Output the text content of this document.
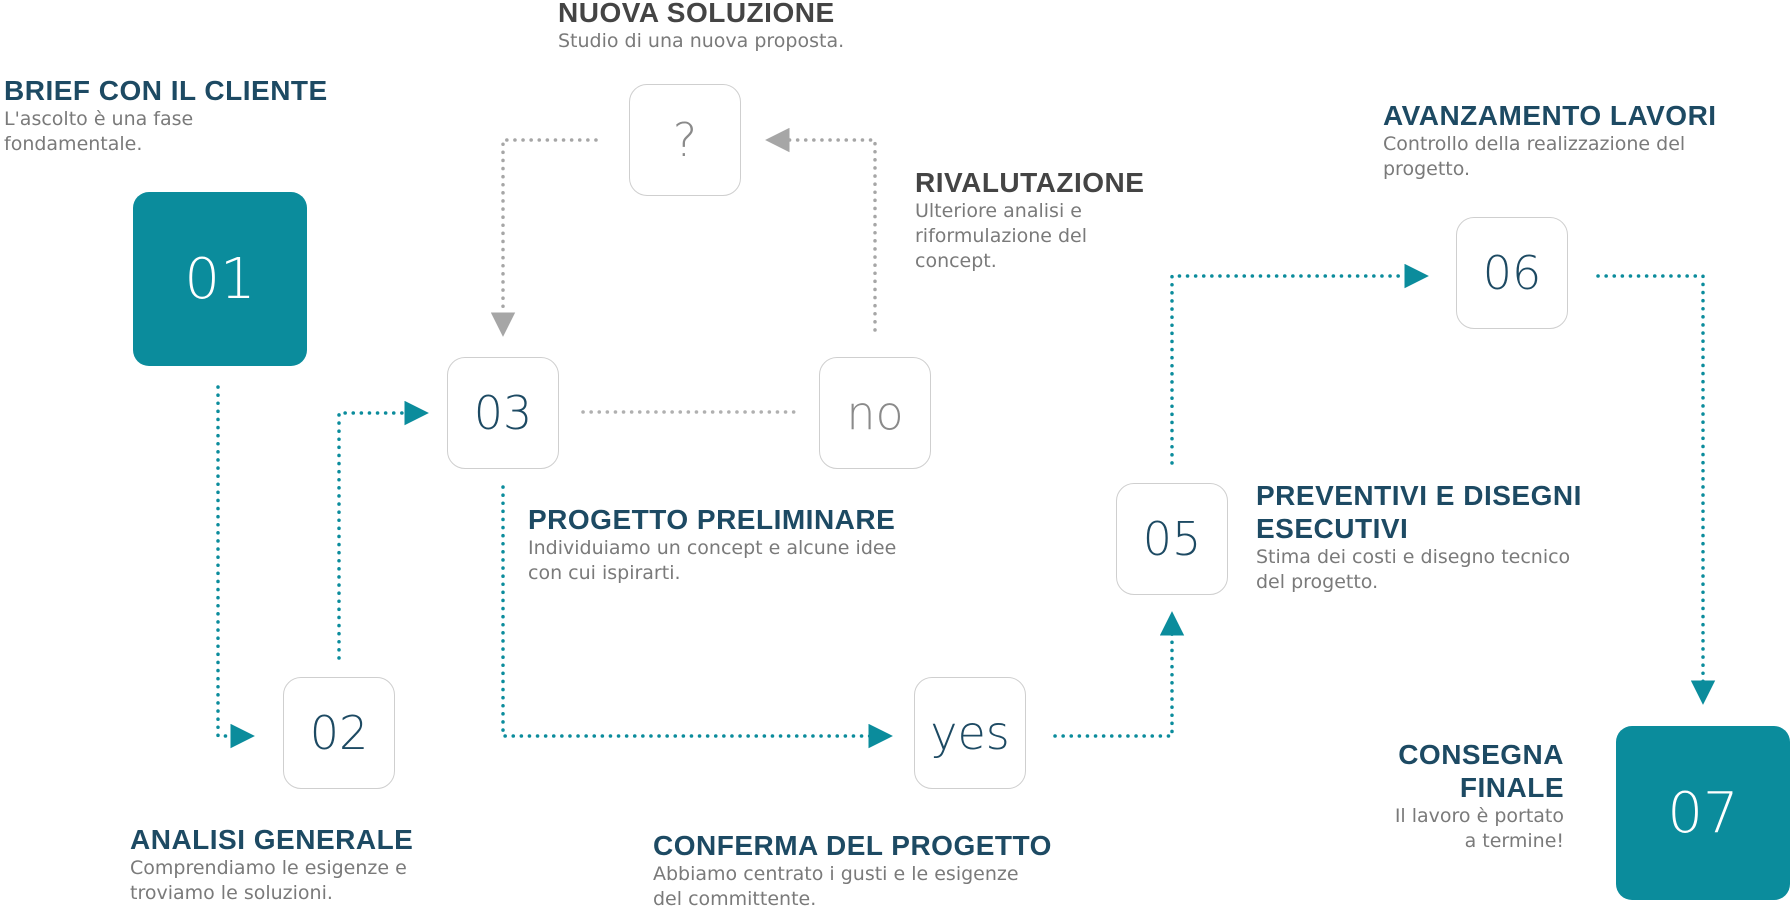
01
02
03	no
?
yes
05
06
07

BRIEF CON IL CLIENTE

L'ascolto è una fase

fondamentale.

ANALISI GENERALE

Comprendiamo le esigenze e

troviamo le soluzioni.

PROGETTO PRELIMINARE

Individuiamo un concept e alcune idee

con cui ispirarti.

RIVALUTAZIONE

Ulteriore analisi e

riformulazione del

concept.

NUOVA SOLUZIONE

Studio di una nuova proposta.

CONFERMA DEL PROGETTO

Abbiamo centrato i gusti e le esigenze

del committente.

PREVENTIVI E DISEGNI

ESECUTIVI

Stima dei costi e disegno tecnico

del progetto.

AVANZAMENTO LAVORI

Controllo della realizzazione del

progetto.

CONSEGNA

FINALE

Il lavoro è portato

a termine!
